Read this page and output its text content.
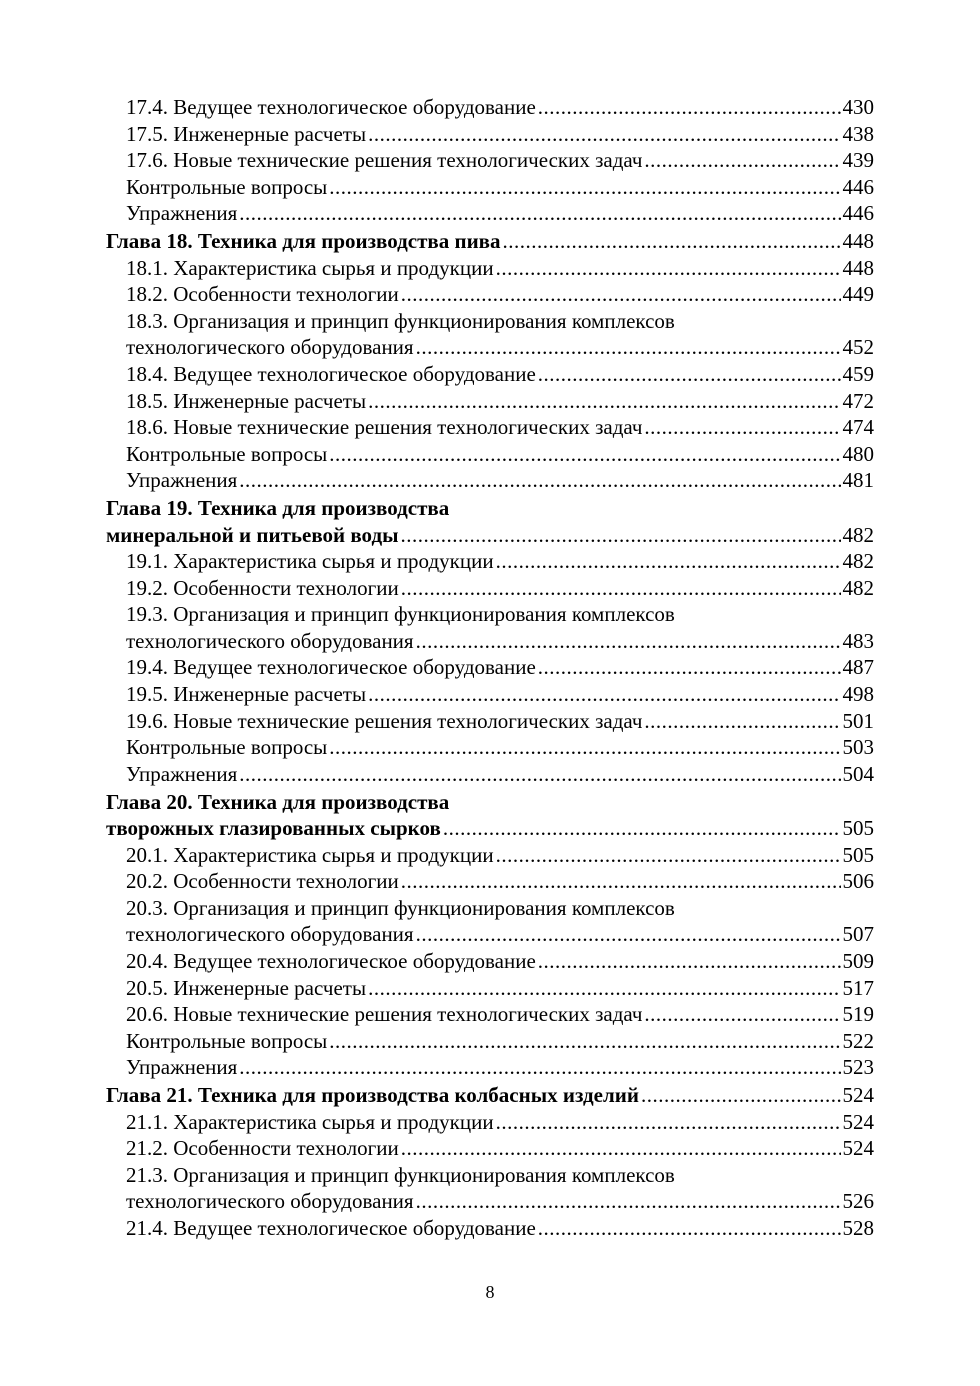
17.4. Ведущее технологическое оборудование .....	430
17.5. Инженерные расчеты .....	438
17.6. Новые технические решения технологических задач .....	439
Контрольные вопросы .....	446
Упражнения .....	446
Глава 18. Техника для производства пива .....	448
18.1. Характеристика сырья и продукции .....	448
18.2. Особенности технологии .....	449
18.3. Организация и принцип функционирования комплексов
технологического оборудования .....	452
18.4. Ведущее технологическое оборудование .....	459
18.5. Инженерные расчеты .....	472
18.6. Новые технические решения технологических задач .....	474
Контрольные вопросы .....	480
Упражнения .....	481
Глава 19. Техника для производства
минеральной и питьевой воды .....	482
19.1. Характеристика сырья и продукции .....	482
19.2. Особенности технологии .....	482
19.3. Организация и принцип функционирования комплексов
технологического оборудования .....	483
19.4. Ведущее технологическое оборудование .....	487
19.5. Инженерные расчеты .....	498
19.6. Новые технические решения технологических задач .....	501
Контрольные вопросы .....	503
Упражнения .....	504
Глава 20. Техника для производства
творожных глазированных сырков .....	505
20.1. Характеристика сырья и продукции .....	505
20.2. Особенности технологии .....	506
20.3. Организация и принцип функционирования комплексов
технологического оборудования .....	507
20.4. Ведущее технологическое оборудование .....	509
20.5. Инженерные расчеты .....	517
20.6. Новые технические решения технологических задач .....	519
Контрольные вопросы .....	522
Упражнения .....	523
Глава 21. Техника для производства колбасных изделий .....	524
21.1. Характеристика сырья и продукции .....	524
21.2. Особенности технологии .....	524
21.3. Организация и принцип функционирования комплексов
технологического оборудования .....	526
21.4. Ведущее технологическое оборудование .....	528
8
